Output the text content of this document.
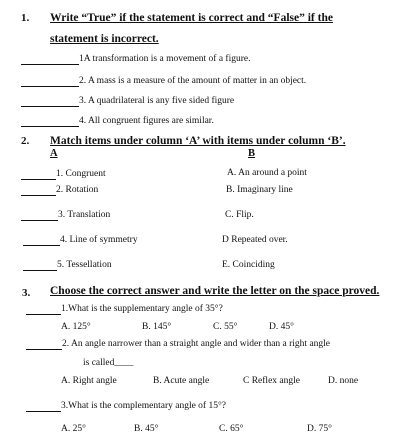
1. Write “True” if the statement is correct and “False” if the
statement is incorrect.
1A transformation is a movement of a figure.
2. A mass is a measure of the amount of matter in an object.
3. A quadrilateral is any five sided figure
4. All congruent figures are similar.
2. Match items under column ‘A’ with items under column ‘B’.
A	B
1. Congruent	A. An around a point
2. Rotation	B. Imaginary line
3. Translation	C. Flip.
4. Line of symmetry	D Repeated over.
5. Tessellation	E. Coinciding
3. Choose the correct answer and write the letter on the space proved.
1.What is the supplementary angle of 35°?
A. 125°	B. 145°	C. 55°	D. 45°
2. An angle narrower than a straight angle and wider than a right angle
is called____
A. Right angle	B. Acute angle	C Reflex angle	D. none
3.What is the complementary angle of 15°?
A. 25°	B. 45°	C. 65°	D. 75°
